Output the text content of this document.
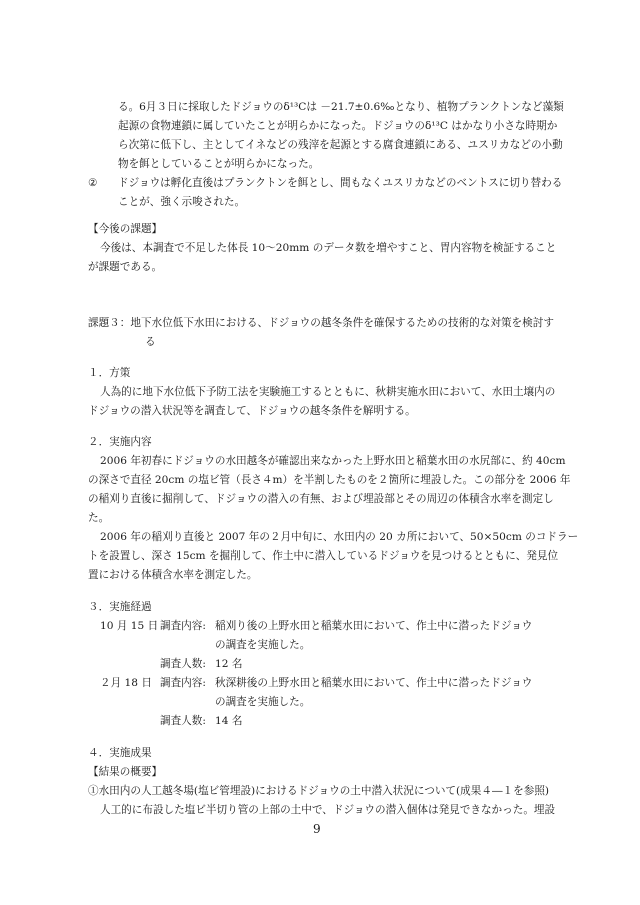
る。6月３日に採取したドジョウのδ¹³Cは －21.7±0.6‰となり、植物プランクトンなど藻類
起源の食物連鎖に属していたことが明らかになった。ドジョウのδ¹³C はかなり小さな時期か
ら次第に低下し、主としてイネなどの残滓を起源とする腐食連鎖にある、ユスリカなどの小動
物を餌としていることが明らかになった。
② ドジョウは孵化直後はプランクトンを餌とし、間もなくユスリカなどのベントスに切り替わる
ことが、強く示唆された。
【今後の課題】
今後は、本調査で不足した体長 10～20mm のデータ数を増やすこと、胃内容物を検証すること
が課題である。
課題３：地下水位低下水田における、ドジョウの越冬条件を確保するための技術的な対策を検討す
る
１．方策
人為的に地下水位低下予防工法を実験施工するとともに、秋耕実施水田において、水田土壌内の
ドジョウの潜入状況等を調査して、ドジョウの越冬条件を解明する。
２．実施内容
2006 年初春にドジョウの水田越冬が確認出来なかった上野水田と稲葉水田の水尻部に、約 40cm
の深さで直径 20cm の塩ビ管（長さ４m）を半割したものを２箇所に埋設した。この部分を 2006 年
の稲刈り直後に掘削して、ドジョウの潜入の有無、および埋設部とその周辺の体積含水率を測定し
た。
2006 年の稲刈り直後と 2007 年の２月中旬に、水田内の 20 カ所において、50×50cm のコドラー
トを設置し、深さ 15cm を掘削して、作土中に潜入しているドジョウを見つけるとともに、発見位
置における体積含水率を測定した。
３．実施経過
10 月 15 日 調査内容: 稲刈り後の上野水田と稲葉水田において、作土中に潜ったドジョウ
の調査を実施した。
調査人数: 12 名
２月 18 日 調査内容: 秋深耕後の上野水田と稲葉水田において、作土中に潜ったドジョウ
の調査を実施した。
調査人数: 14 名
４．実施成果
【結果の概要】
①水田内の人工越冬場(塩ビ管埋設)におけるドジョウの土中潜入状況について(成果４―１を参照)
人工的に布設した塩ビ半切り管の上部の土中で、ドジョウの潜入個体は発見できなかった。埋設
9
